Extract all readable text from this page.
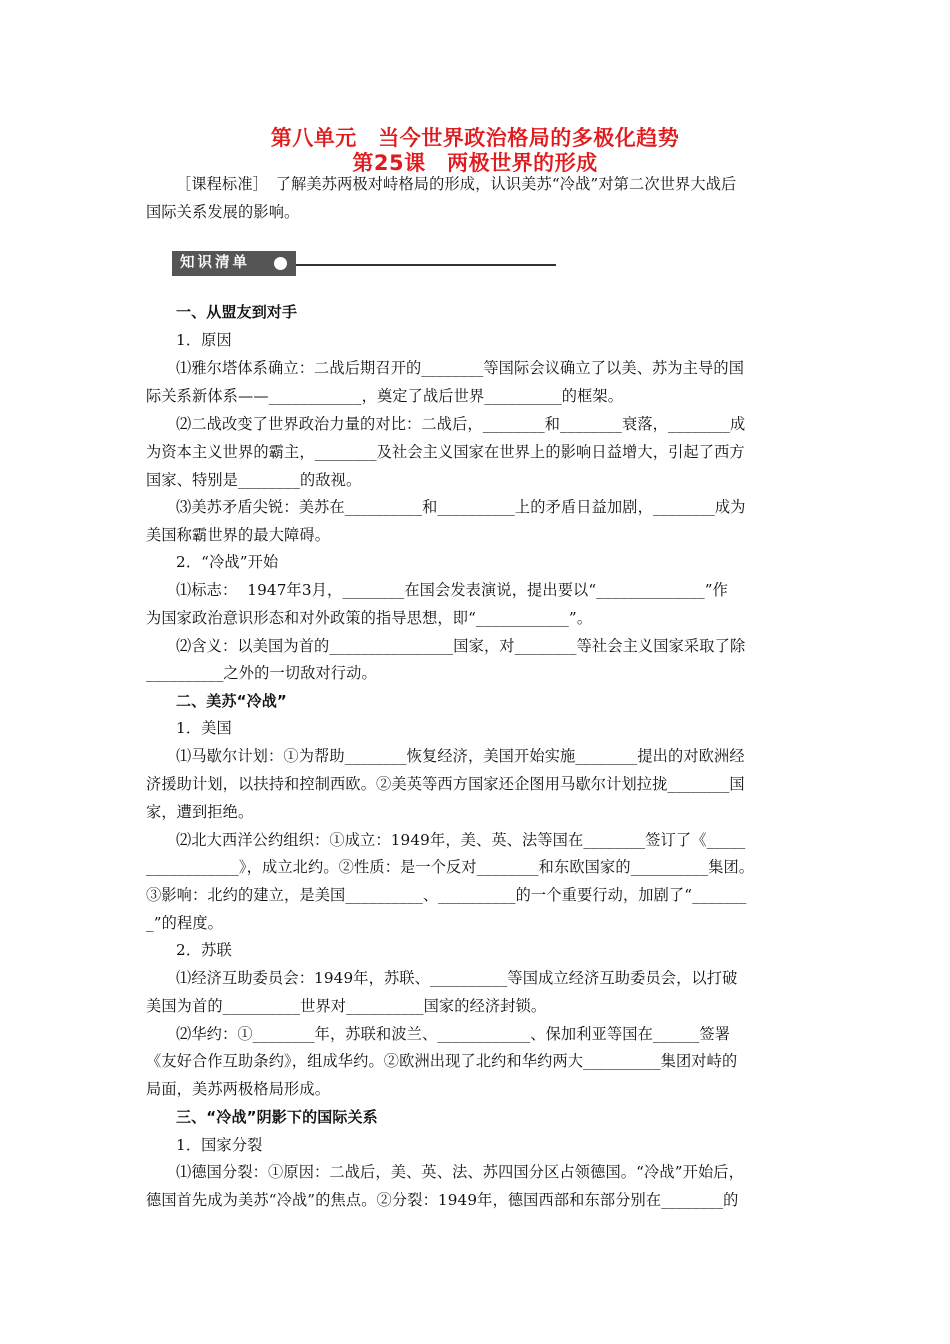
第八单元　当今世界政治格局的多极化趋势
第25课　两极世界的形成
［课程标准］　了解美苏两极对峙格局的形成，认识美苏“冷战”对第二次世界大战后
国际关系发展的影响。
知识清单
一、从盟友到对手
1．原因
⑴雅尔塔体系确立：二战后期召开的________等国际会议确立了以美、苏为主导的国
际关系新体系——____________，奠定了战后世界__________的框架。
⑵二战改变了世界政治力量的对比：二战后，________和________衰落，________成
为资本主义世界的霸主，________及社会主义国家在世界上的影响日益增大，引起了西方
国家、特别是________的敌视。
⑶美苏矛盾尖锐：美苏在__________和__________上的矛盾日益加剧，________成为
美国称霸世界的最大障碍。
2．“冷战”开始
⑴标志：  1947年3月，________在国会发表演说，提出要以“______________”作
为国家政治意识形态和对外政策的指导思想，即“____________”。
⑵含义：以美国为首的________________国家，对________等社会主义国家采取了除
__________之外的一切敌对行动。
二、美苏“冷战”
1．美国
⑴马歇尔计划：①为帮助________恢复经济，美国开始实施________提出的对欧洲经
济援助计划，以扶持和控制西欧。②美英等西方国家还企图用马歇尔计划拉拢________国
家，遭到拒绝。
⑵北大西洋公约组织：①成立：1949年，美、英、法等国在________签订了《_____
____________》，成立北约。②性质：是一个反对________和东欧国家的__________集团。
③影响：北约的建立，是美国__________、__________的一个重要行动，加剧了“_______
_”的程度。
2．苏联
⑴经济互助委员会：1949年，苏联、__________等国成立经济互助委员会，以打破
美国为首的__________世界对__________国家的经济封锁。
⑵华约：①________年，苏联和波兰、____________、保加利亚等国在______签署
《友好合作互助条约》，组成华约。②欧洲出现了北约和华约两大__________集团对峙的
局面，美苏两极格局形成。
三、“冷战”阴影下的国际关系
1．国家分裂
⑴德国分裂：①原因：二战后，美、英、法、苏四国分区占领德国。“冷战”开始后，
德国首先成为美苏“冷战”的焦点。②分裂：1949年，德国西部和东部分别在________的
